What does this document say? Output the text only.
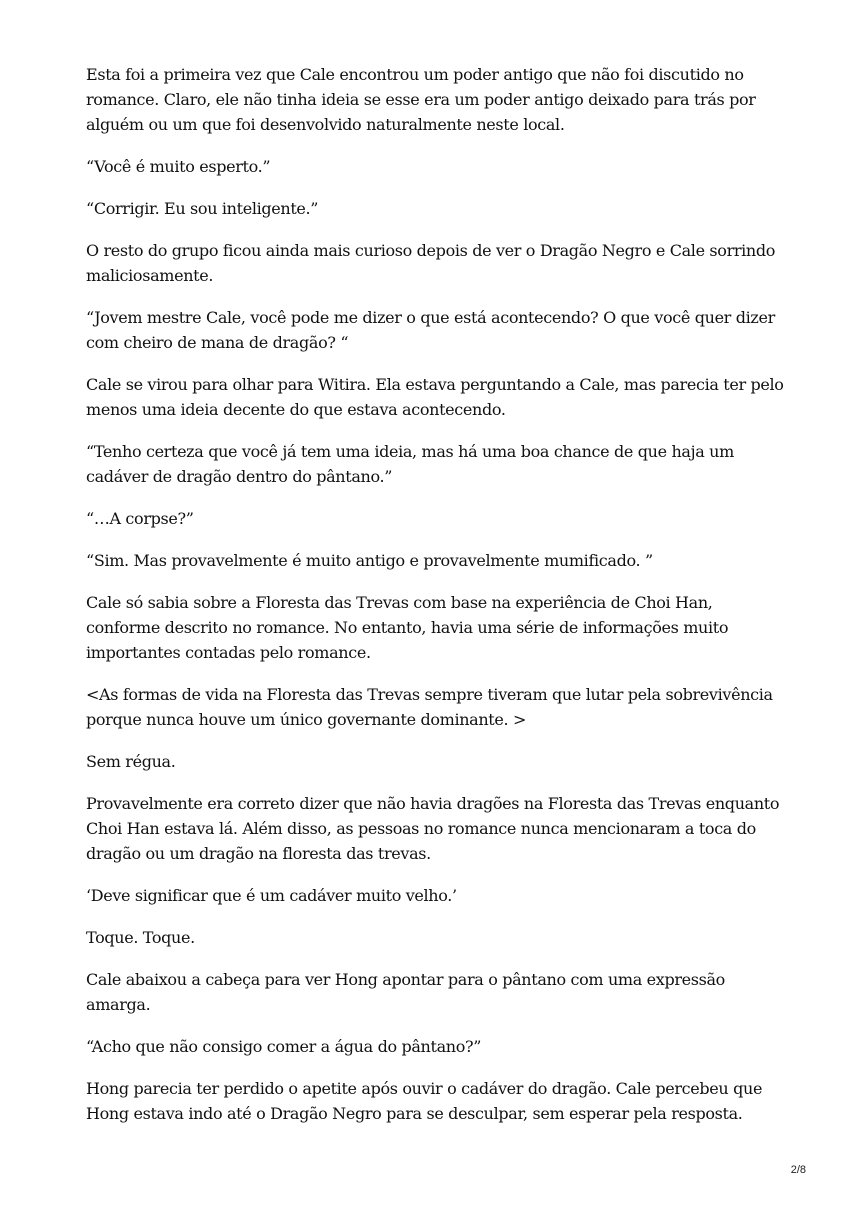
Esta foi a primeira vez que Cale encontrou um poder antigo que não foi discutido no romance. Claro, ele não tinha ideia se esse era um poder antigo deixado para trás por alguém ou um que foi desenvolvido naturalmente neste local.

“Você é muito esperto.”

“Corrigir. Eu sou inteligente.”

O resto do grupo ficou ainda mais curioso depois de ver o Dragão Negro e Cale sorrindo maliciosamente.

“Jovem mestre Cale, você pode me dizer o que está acontecendo? O que você quer dizer com cheiro de mana de dragão? “

Cale se virou para olhar para Witira. Ela estava perguntando a Cale, mas parecia ter pelo menos uma ideia decente do que estava acontecendo.

“Tenho certeza que você já tem uma ideia, mas há uma boa chance de que haja um cadáver de dragão dentro do pântano.”

“…A corpse?”

“Sim. Mas provavelmente é muito antigo e provavelmente mumificado. ”

Cale só sabia sobre a Floresta das Trevas com base na experiência de Choi Han, conforme descrito no romance. No entanto, havia uma série de informações muito importantes contadas pelo romance.

<As formas de vida na Floresta das Trevas sempre tiveram que lutar pela sobrevivência porque nunca houve um único governante dominante. >

Sem régua.

Provavelmente era correto dizer que não havia dragões na Floresta das Trevas enquanto Choi Han estava lá. Além disso, as pessoas no romance nunca mencionaram a toca do dragão ou um dragão na floresta das trevas.

‘Deve significar que é um cadáver muito velho.’

Toque. Toque.

Cale abaixou a cabeça para ver Hong apontar para o pântano com uma expressão amarga.

“Acho que não consigo comer a água do pântano?”

Hong parecia ter perdido o apetite após ouvir o cadáver do dragão. Cale percebeu que Hong estava indo até o Dragão Negro para se desculpar, sem esperar pela resposta.

2/8
